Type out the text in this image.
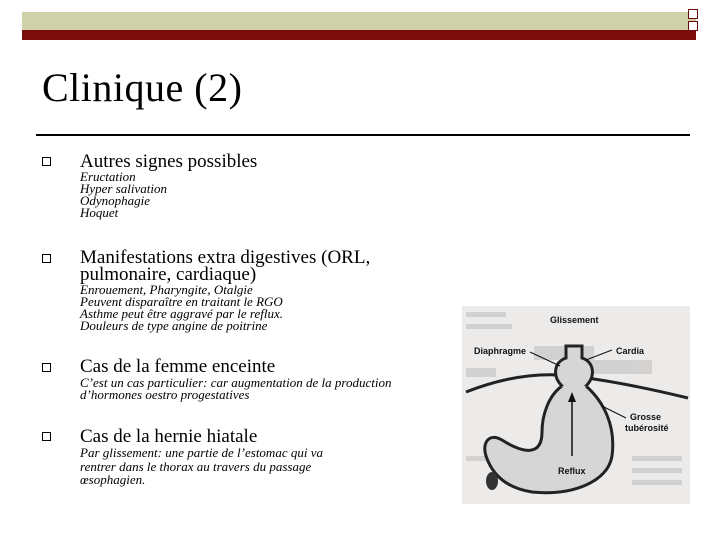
Clinique (2)
Autres signes possibles
Eructation
Hyper salivation
Odynophagie
Hoquet
Manifestations extra digestives (ORL,
pulmonaire, cardiaque)
Enrouement, Pharyngite, Otalgie
Peuvent disparaître en traitant le RGO
Asthme peut être aggravé par le reflux.
Douleurs de type angine de poitrine
Cas de la femme enceinte
C’est un cas particulier: car augmentation de la production
d’hormones oestro progestatives
Cas de la hernie hiatale
Par glissement: une partie de l’estomac qui va
rentrer dans le thorax au travers du passage
œsophagien.
Glissement
Diaphragme	Cardia
Grosse
tubérosité
Reflux
